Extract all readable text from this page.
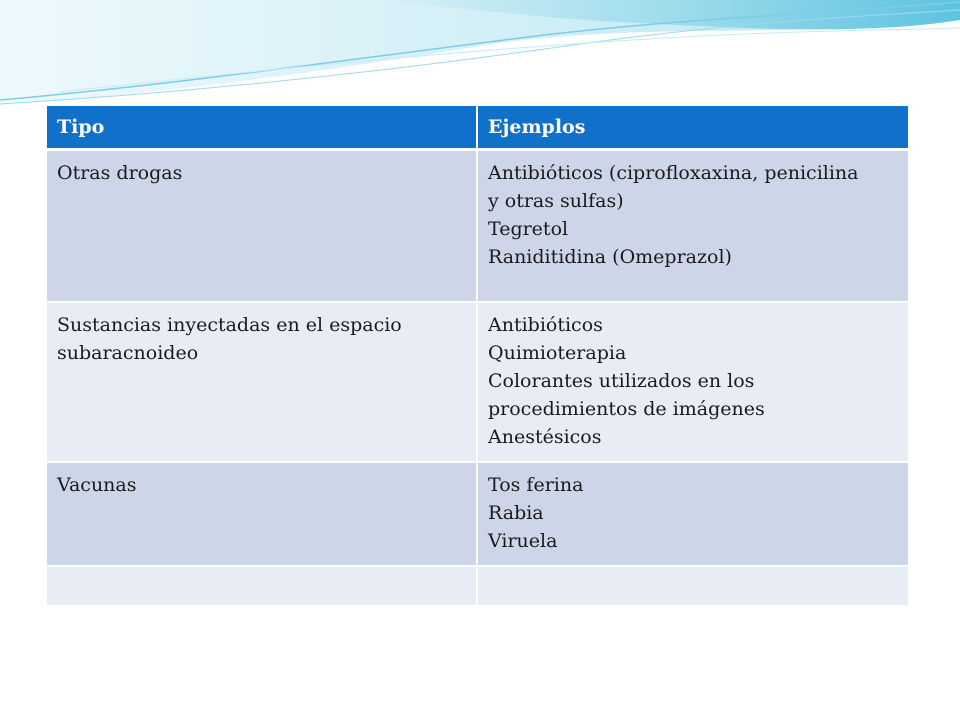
Tipo	Ejemplos

Otras drogas	Antibióticos (ciprofloxaxina, penicilina
y otras sulfas)
Tegretol
Raniditidina (Omeprazol)

Sustancias inyectadas en el espacio
subaracnoideo	Antibióticos
Quimioterapia
Colorantes utilizados en los
procedimientos de imágenes
Anestésicos

Vacunas	Tos ferina
Rabia
Viruela
